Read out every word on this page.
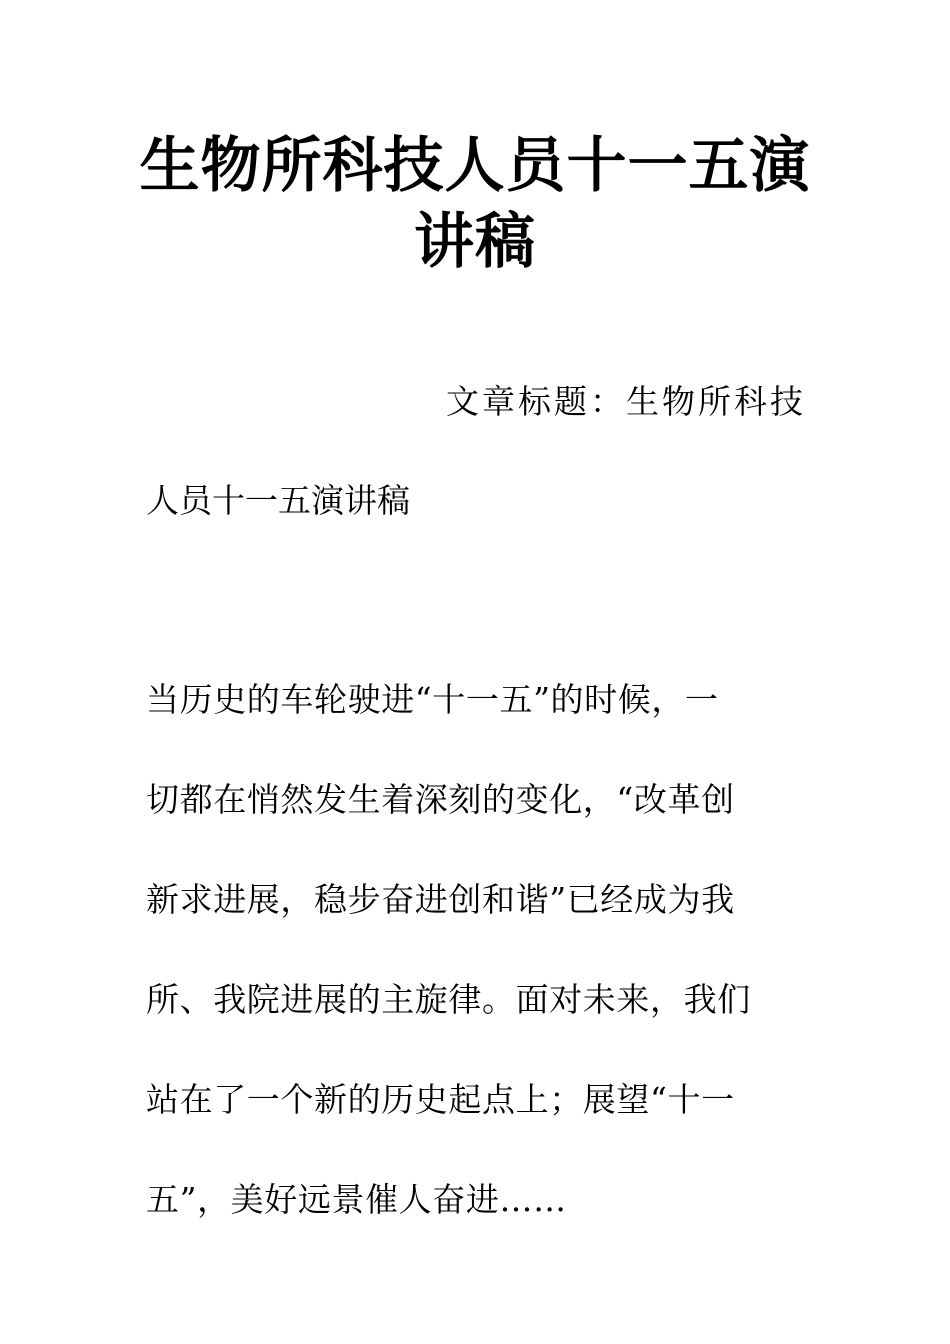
生物所科技人员十一五演
讲稿

文章标题：生物所科技

人员十一五演讲稿

当历史的车轮驶进“十一五”的时候，一

切都在悄然发生着深刻的变化，“改革创

新求进展，稳步奋进创和谐”已经成为我

所、我院进展的主旋律。面对未来，我们

站在了一个新的历史起点上；展望“十一

五”，美好远景催人奋进……
